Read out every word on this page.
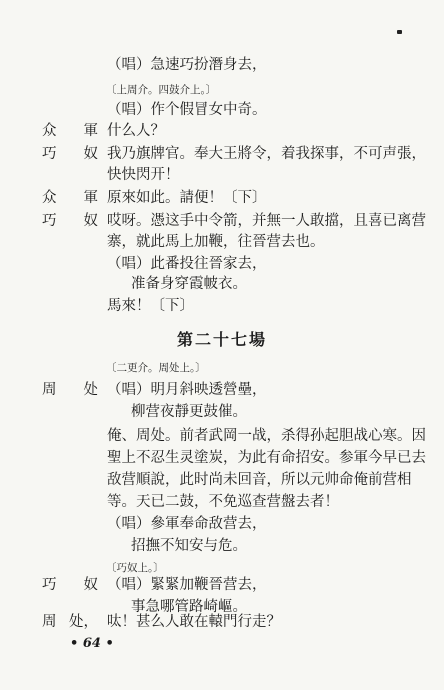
（唱）急速巧扮潛身去，
〔上周介。四鼓介上。〕
（唱）作个假冒女中奇。
众 軍 什么人？
巧 奴 我乃旗牌官。奉大王將令，着我探事，不可声張，
快快閃开！
众 軍 原來如此。請便！〔下〕
巧 奴 哎呀。憑这手中令箭，并無一人敢擋，且喜已离营
寨，就此馬上加鞭，往晉营去也。
（唱）此番投往晉家去，
准备身穿霞帔衣。
馬來！〔下〕
第二十七場
〔二更介。周处上。〕
周 处 （唱）明月斜映透營壘，
柳营夜靜更鼓催。
俺、周处。前者武岡一战，杀得孙起胆战心寒。因
聖上不忍生灵塗炭，为此有命招安。参軍今早已去
敌营順說，此时尚未回音，所以元帅命俺前营相
等。天已二鼓，不免巡查营盤去者！
（唱）參軍奉命敌营去，
招撫不知安与危。
〔巧奴上。〕
巧 奴 （唱）緊緊加鞭晉营去，
事急哪管路崎嶇。
周 处， 呔！甚么人敢在轅門行走？
• 64 •
